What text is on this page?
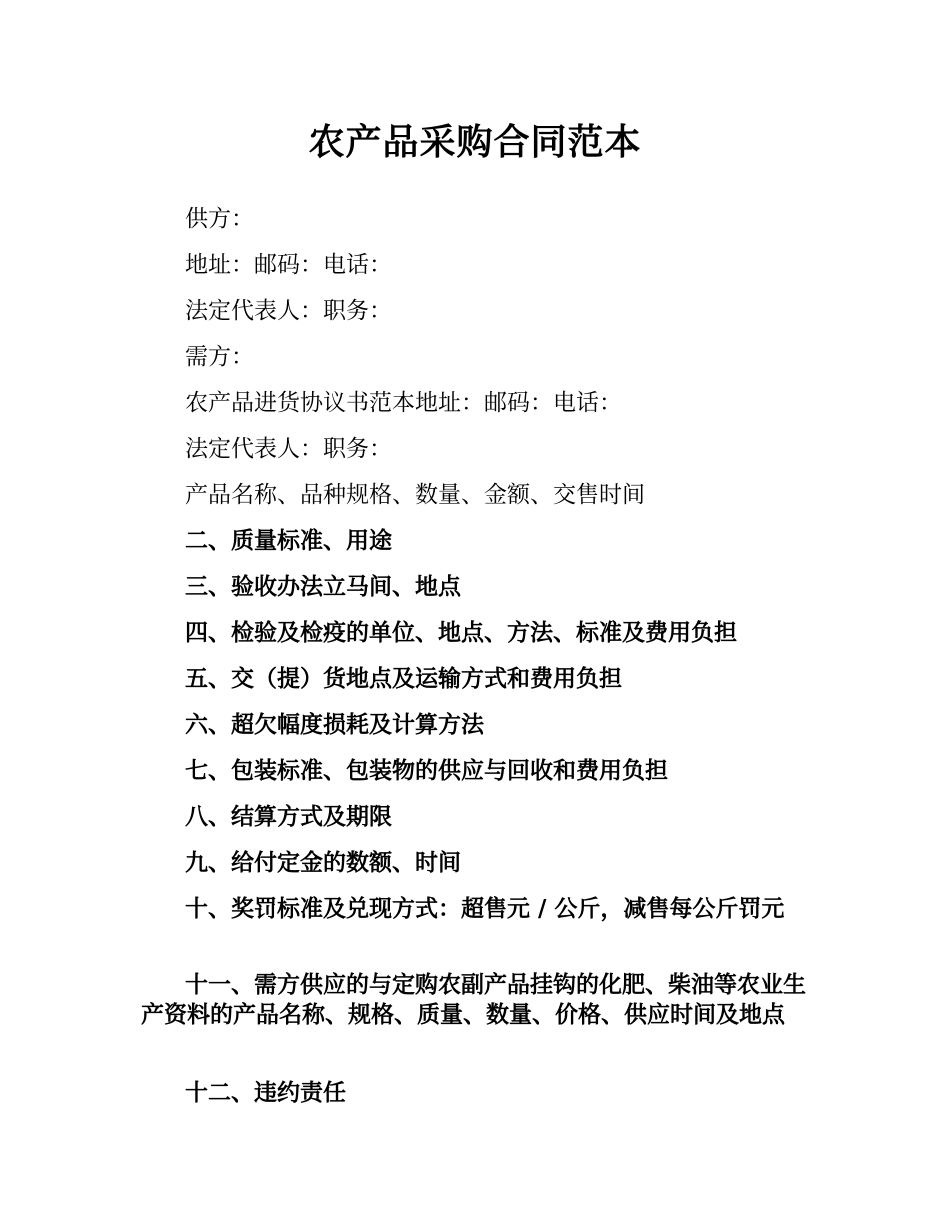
农产品采购合同范本

供方：

地址：邮码：电话：

法定代表人：职务：

需方：

农产品进货协议书范本地址：邮码：电话：

法定代表人：职务：

产品名称、品种规格、数量、金额、交售时间

二、质量标准、用途

三、验收办法立马间、地点

四、检验及检疫的单位、地点、方法、标准及费用负担

五、交（提）货地点及运输方式和费用负担

六、超欠幅度损耗及计算方法

七、包装标准、包装物的供应与回收和费用负担

八、结算方式及期限

九、给付定金的数额、时间

十、奖罚标准及兑现方式：超售元 / 公斤，减售每公斤罚元

十一、需方供应的与定购农副产品挂钩的化肥、柴油等农业生产资料的产品名称、规格、质量、数量、价格、供应时间及地点

十二、违约责任
